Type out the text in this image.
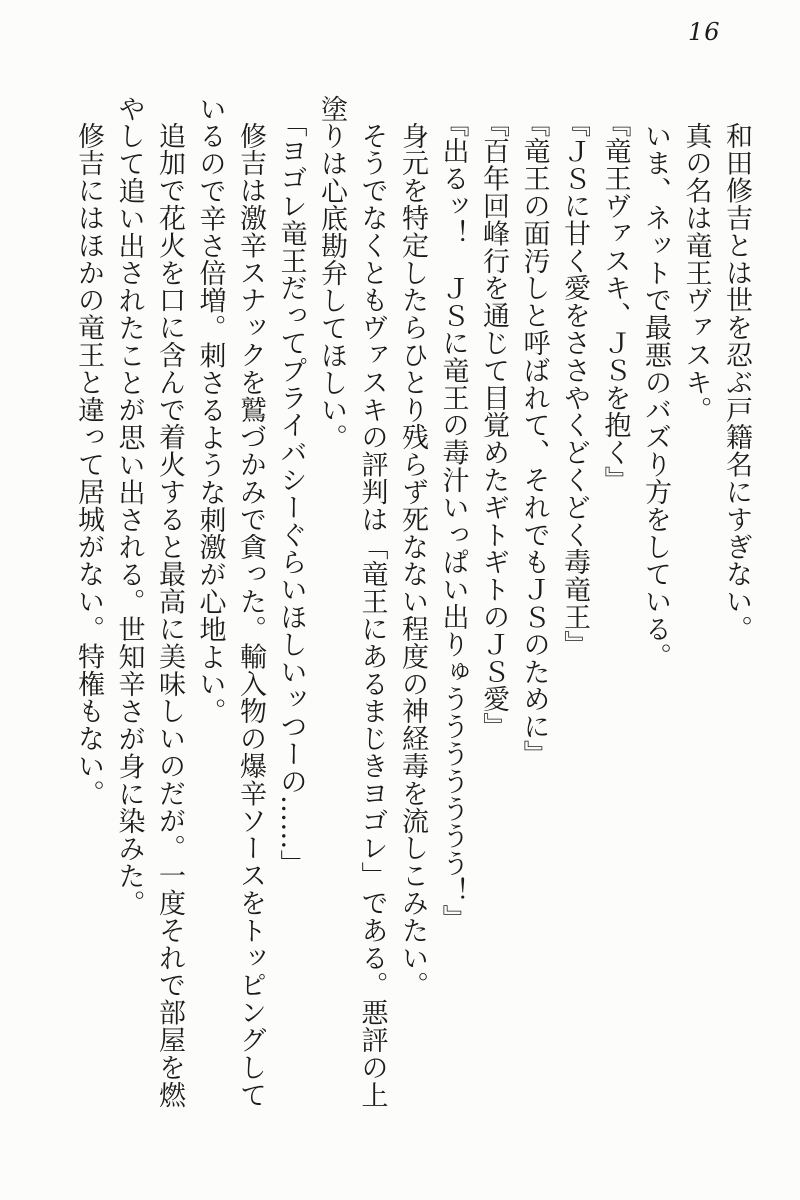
16

和田修吉とは世を忍ぶ戸籍名にすぎない。

真の名は竜王ヴァスキ。

いま、ネットで最悪のバズり方をしている。

『竜王ヴァスキ、ＪＳを抱く』

『ＪＳに甘く愛をささやくどくどく毒竜王』

『竜王の面汚しと呼ばれて、それでもＪＳのために』

『百年回峰行を通じて目覚めたギトギトのＪＳ愛』

『出るッ！　ＪＳに竜王の毒汁いっぱい出りゅううううううう！』

身元を特定したらひとり残らず死なない程度の神経毒を流しこみたい。

そうでなくともヴァスキの評判は「竜王にあるまじきヨゴレ」である。悪評の上塗りは心底勘弁してほしい。

「ヨゴレ竜王だってプライバシーぐらいほしいッつーの……」

修吉は激辛スナックを鷲づかみで貪った。輸入物の爆辛ソースをトッピングしているので辛さ倍増。刺さるような刺激が心地よい。

追加で花火を口に含んで着火すると最高に美味しいのだが。一度それで部屋を燃やして追い出されたことが思い出される。世知辛さが身に染みた。

修吉にはほかの竜王と違って居城がない。特権もない。
